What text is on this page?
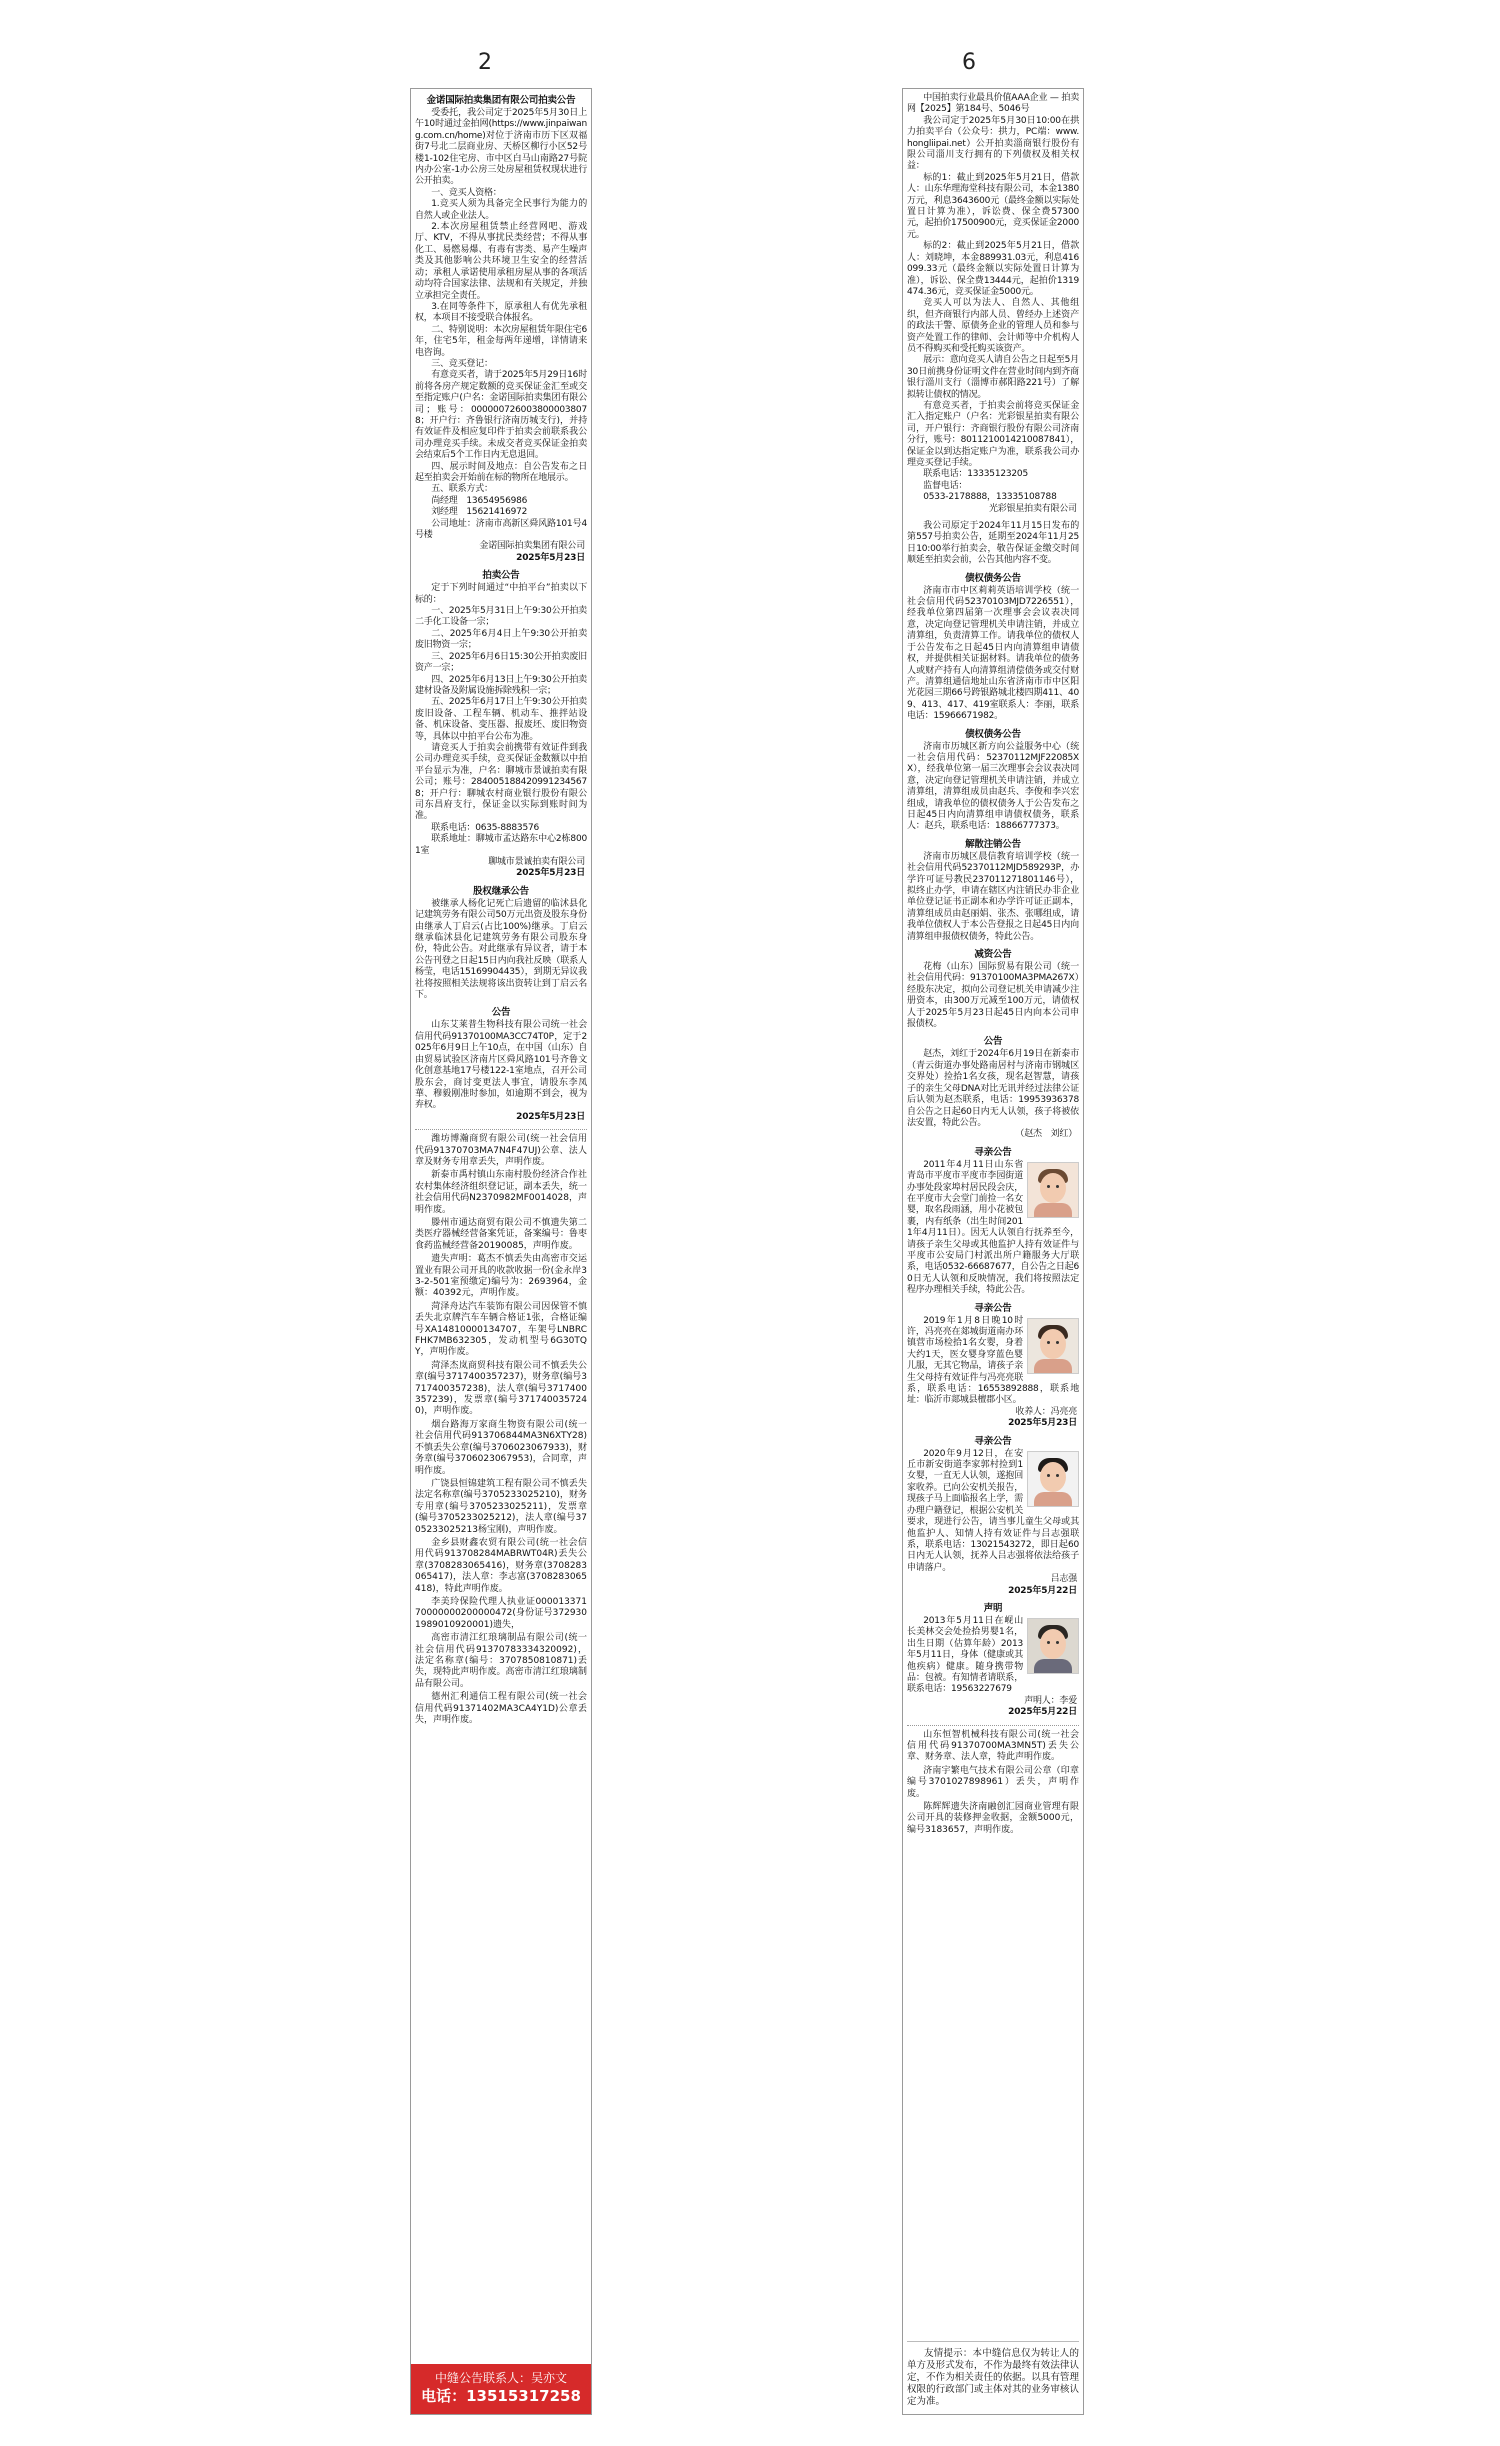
2	6
金诺国际拍卖集团有限公司拍卖公告
受委托，我公司定于2025年5月30日上午10时通过金拍网(https://www.jinpaiwang.com.cn/home)对位于济南市历下区双福街7号北二层商业房、天桥区柳行小区52号楼1-102住宅房、市中区白马山南路27号院内办公室-1办公房三处房屋租赁权现状进行公开拍卖。
一、竞买人资格：
1.竞买人须为具备完全民事行为能力的自然人或企业法人。
2.本次房屋租赁禁止经营网吧、游戏厅、KTV，不得从事扰民类经营；不得从事化工、易燃易爆、有毒有害类、易产生噪声类及其他影响公共环境卫生安全的经营活动；承租人承诺使用承租房屋从事的各项活动均符合国家法律、法规和有关规定，并独立承担完全责任。
3.在同等条件下，原承租人有优先承租权，本项目不接受联合体报名。
二、特别说明：本次房屋租赁年限住宅6年，住宅5年，租金每两年递增，详情请来电咨询。
三、竞买登记：
有意竞买者，请于2025年5月29日16时前将各房产规定数额的竞买保证金汇至或交至指定账户(户名：金诺国际拍卖集团有限公司；账号：0000007260038000038078；开户行：齐鲁银行济南历城支行)，并持有效证件及相应复印件于拍卖会前联系我公司办理竞买手续。未成交者竞买保证金拍卖会结束后5个工作日内无息退回。
四、展示时间及地点：自公告发布之日起至拍卖会开始前在标的物所在地展示。
五、联系方式：
尚经理　13654956986
刘经理　15621416972
公司地址：济南市高新区舜风路101号4号楼
金诺国际拍卖集团有限公司
2025年5月23日
拍卖公告
定于下列时间通过“中拍平台”拍卖以下标的：
一、2025年5月31日上午9:30公开拍卖二手化工设备一宗；
二、2025年6月4日上午9:30公开拍卖废旧物资一宗；
三、2025年6月6日15:30公开拍卖废旧资产一宗；
四、2025年6月13日上午9:30公开拍卖建材设备及附属设施拆除残积一宗；
五、2025年6月17日上午9:30公开拍卖废旧设备、工程车辆、机动车、推拌站设备、机床设备、变压器、报废坯、废旧物资等，具体以中拍平台公布为准。
请竞买人于拍卖会前携带有效证件到我公司办理竞买手续，竞买保证金数额以中拍平台显示为准，户名：聊城市景诚拍卖有限公司；账号：2840051884209912345678；开户行：聊城农村商业银行股份有限公司东昌府支行，保证金以实际到账时间为准。
联系电话：0635-8883576
联系地址：聊城市孟达路东中心2栋8001室
聊城市景诚拍卖有限公司
2025年5月23日
股权继承公告
被继承人杨化记死亡后遗留的临沭县化记建筑劳务有限公司50万元出资及股东身份由继承人丁启云(占比100%)继承。丁启云继承临沭县化记建筑劳务有限公司股东身份，特此公告。对此继承有异议者，请于本公告刊登之日起15日内向我社反映（联系人杨莹，电话15169904435），到期无异议我社将按照相关法规将该出资转让到丁启云名下。
公告
山东艾莱普生物科技有限公司统一社会信用代码91370100MA3CC74T0P，定于2025年6月9日上午10点，在中国（山东）自由贸易试验区济南片区舜风路101号齐鲁文化创意基地17号楼122-1室地点，召开公司股东会，商讨变更法人事宜，请股东李凤華、穆毅刚准时参加，如逾期不到会，视为弃权。
2025年5月23日
潍坊博瀚商贸有限公司(统一社会信用代码91370703MA7N4F47UJ)公章、法人章及财务专用章丢失，声明作废。
新泰市禹村镇山东南村股份经济合作社农村集体经济组织登记证，副本丢失，统一社会信用代码N2370982MF0014028，声明作废。
滕州市通达商贸有限公司不慎遗失第二类医疗器械经营备案凭证，备案编号：鲁枣食药监械经营备20190085，声明作废。
遗失声明：葛杰不慎丢失由高密市交运置业有限公司开具的收款收据一份(金永岸33-2-501室预缴定)编号为：2693964，金额：40392元，声明作废。
菏泽舟达汽车装饰有限公司因保管不慎丢失北京牌汽车车辆合格证1张，合格证编号XA14810000134707，车架号LNBRCFHK7MB632305，发动机型号6G30TQY，声明作废。
菏泽杰岚商贸科技有限公司不慎丢失公章(编号3717400357237)，财务章(编号3717400357238)，法人章(编号3717400357239)，发票章(编号3717400357240)，声明作废。
烟台路海万家商生物资有限公司(统一社会信用代码913706844MA3N6XTY28)不慎丢失公章(编号3706023067933)，财务章(编号3706023067953)，合同章，声明作废。
广饶县恒锦建筑工程有限公司不慎丢失法定名称章(编号3705233025210)，财务专用章(编号3705233025211)，发票章(编号3705233025212)，法人章(编号3705233025213杨宝刚)，声明作废。
金乡县财鑫农贸有限公司(统一社会信用代码913708284MABRWT04R)丢失公章(3708283065416)，财务章(3708283065417)，法人章：李志富(3708283065418)，特此声明作废。
李美玲保险代理人执业证00001337170000000200000472(身份证号3729301989010920001)遗失，
高密市清江红琅璃制品有限公司(统一社会信用代码91370783334320092)，法定名称章(编号：3707850810871)丢失，现特此声明作废。高密市清江红琅璃制品有限公司。
德州汇利通信工程有限公司(统一社会信用代码91371402MA3CA4Y1D)公章丢失，声明作废。
中缝公告联系人：吴亦文
电话：13515317258
中国拍卖行业最具价值AAA企业 — 拍卖网【2025】第184号、5046号
我公司定于2025年5月30日10:00在拱力拍卖平台（公众号：拱力，PC端：www.hongliipai.net）公开拍卖淄商银行股份有限公司淄川支行拥有的下列债权及相关权益：
标的1：截止到2025年5月21日，借款人：山东华理海堂科技有限公司，本金1380万元，利息3643600元（最终金额以实际处置日计算为准），诉讼费、保全费57300元，起拍价17500900元，竞买保证金2000元。
标的2：截止到2025年5月21日，借款人：刘晓坤，本金889931.03元，利息416099.33元（最终金额以实际处置日计算为准），诉讼、保全费13444元，起拍价1319474.36元，竞买保证金5000元。
竞买人可以为法人、自然人、其他组织，但齐商银行内部人员、曾经办上述资产的政法干警、原债务企业的管理人员和参与资产处置工作的律师、会计师等中介机构人员不得购买和受托购买该资产。
展示：意向竞买人请自公告之日起至5月30日前携身份证明文件在营业时间内到齐商银行淄川支行（淄博市郝阳路221号）了解拟转让债权的情况。
有意竞买者，于拍卖会前将竞买保证金汇入指定账户（户名：光彩银星拍卖有限公司，开户银行：齐商银行股份有限公司济南分行，账号：8011210014210087841），保证金以到达指定账户为准，联系我公司办理竞买登记手续。
联系电话：13335123205
监督电话：
0533-2178888，13335108788
光彩银星拍卖有限公司
我公司原定于2024年11月15日发布的第557号拍卖公告，延期至2024年11月25日10:00举行拍卖会，敬告保证金缴交时间顺延至拍卖会前，公告其他内容不变。
债权债务公告
济南市市中区莉莉英语培训学校（统一社会信用代码52370103MJD7226551），经我单位第四届第一次理事会会议表决同意，决定向登记管理机关申请注销，并成立清算组，负责清算工作。请我单位的债权人于公告发布之日起45日内向清算组申请债权，并提供相关证据材料。请我单位的债务人或财产持有人向清算组清偿债务或交付财产。清算组通信地址山东省济南市市中区阳光花园三期66号跨银路城北楼四期411、409、413、417、419室联系人：李丽，联系电话：15966671982。
债权债务公告
济南市历城区新方向公益服务中心（统一社会信用代码：52370112MJF22085XX），经我单位第一届三次理事会会议表决同意，决定向登记管理机关申请注销，并成立清算组，清算组成员由赵兵、李俊和李兴宏组成，请我单位的债权债务人于公告发布之日起45日内向清算组申请债权债务，联系人：赵兵，联系电话：18866777373。
解散注销公告
济南市历城区晨信教育培训学校（统一社会信用代码52370112MJD589293P，办学许可证号教民237011271801146号），拟终止办学，申请在辖区内注销民办非企业单位登记证书正副本和办学许可证正副本，清算组成员由赵丽娟、张杰、张哪组成，请我单位债权人于本公告登报之日起45日内向清算组申报债权债务，特此公告。
减资公告
花梅（山东）国际贸易有限公司（统一社会信用代码：91370100MA3PMA267X）经股东决定，拟向公司登记机关申请减少注册资本，由300万元减至100万元，请债权人于2025年5月23日起45日内向本公司申报债权。
公告
赵杰，刘红于2024年6月19日在新泰市（青云街道办事处路南居村与济南市钢城区交界处）捡拾1名女孩，现名赵智慧，请孩子的亲生父母DNA对比无讯并经过法律公证后认领为赵杰联系，电话：19953936378自公告之日起60日内无人认领，孩子将被依法安置，特此公告。
（赵杰　刘红）
寻亲公告
2011年4月11日山东省青岛市平度市平度市李园街道办事处段家埠村居民段会庆，在平度市大会堂门前捡一名女婴，取名段雨涵，用小花被包裹，内有纸条（出生时间2011年4月11日）。因无人认领自行抚养至今，请孩子亲生父母或其他监护人持有效证件与平度市公安局门村派出所户籍服务大厅联系，电话0532-66687677，自公告之日起60日无人认领和反映情况，我们将按照法定程序办理相关手续，特此公告。
寻亲公告
2019年1月8日晚10时许，冯亮亮在郯城街道南办环镇营市场检拾1名女婴，身着大约1天，医女婴身穿蓝色婴儿服，无其它物品，请孩子亲生父母持有效证件与冯亮亮联系，联系电话：16553892888，联系地址：临沂市郯城县檀郡小区。
收养人：冯亮亮
2025年5月23日
寻亲公告
2020年9月12日，在安丘市新安街道李家郭村捡到1女婴，一直无人认领，遂抱回家收养。已向公安机关报告，现孩子马上面临报名上学，需办理户籍登记，根据公安机关要求，现进行公告，请当事儿童生父母或其他监护人、知情人持有效证件与吕志强联系，联系电话：13021543272，即日起60日内无人认领，抚养人吕志强将依法给孩子申请落户。
吕志强
2025年5月22日
声明
2013年5月11日在岘山长美林交会处捡拾男婴1名，出生日期（估算年龄）2013年5月11日，身体（健康或其他疾病）健康。随身携带物品：包被。有知情者请联系，联系电话：19563227679
声明人：李爱
2025年5月22日
山东恒智机械科技有限公司(统一社会信用代码91370700MA3MN5T)丢失公章、财务章、法人章，特此声明作废。
济南宇繁电气技术有限公司公章（印章编号3701027898961）丢失，声明作废。
陈辉辉遗失济南融创汇园商业管理有限公司开具的装修押金收据，金额5000元，编号3183657，声明作废。
友情提示：本中缝信息仅为转让人的单方及形式发布，不作为最终有效法律认定，不作为相关责任的依据。以具有管理权限的行政部门或主体对其的业务审核认定为准。
